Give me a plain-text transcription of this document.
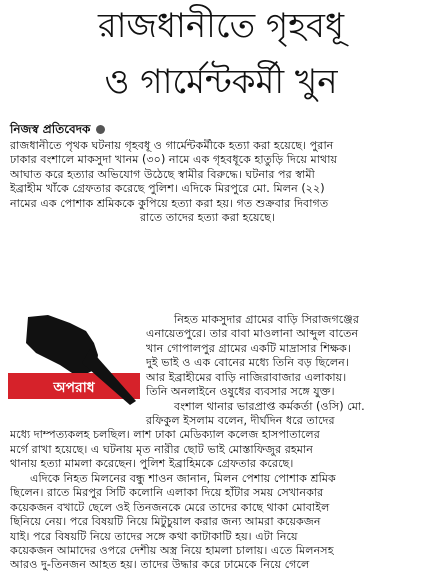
রাজধানীতে গৃহবধূ
ও গার্মেন্টকর্মী খুন
নিজস্ব প্রতিবেদক
রাজধানীতে পৃথক ঘটনায় গৃহবধূ ও গার্মেন্টকর্মীকে হত্যা করা হয়েছে। পুরান
ঢাকার বংশালে মাকসুদা খানম (৩০) নামে এক গৃহবধূকে হাতুড়ি দিয়ে মাথায়
আঘাত করে হত্যার অভিযোগ উঠেছে স্বামীর বিরুদ্ধে। ঘটনার পর স্বামী
ইব্রাহীম খাঁকে গ্রেফতার করেছে পুলিশ। এদিকে মিরপুরে মো. মিলন (২২)
নামের এক পোশাক শ্রমিককে কুপিয়ে হত্যা করা হয়। গত শুক্রবার দিবাগত
রাতে তাদের হত্যা করা হয়েছে।
অপরাধ
নিহত মাকসুদার গ্রামের বাড়ি সিরাজগঞ্জের
এনায়েতপুরে। তার বাবা মাওলানা আব্দুল বাতেন
খান গোপালপুর গ্রামের একটি মাদ্রাসার শিক্ষক।
দুই ভাই ও এক বোনের মধ্যে তিনি বড় ছিলেন।
আর ইব্রাহীমের বাড়ি নাজিরাবাজার এলাকায়।
তিনি অনলাইনে ওষুধের ব্যবসার সঙ্গে যুক্ত।
বংশাল থানার ভারপ্রাপ্ত কর্মকর্তা (ওসি) মো.
রফিকুল ইসলাম বলেন, দীর্ঘদিন ধরে তাদের
মধ্যে দাম্পত্যকলহ চলছিল। লাশ ঢাকা মেডিক্যাল কলেজ হাসপাতালের
মর্গে রাখা হয়েছে। এ ঘটনায় মৃত নারীর ছোট ভাই মোস্তাফিজুর রহমান
থানায় হত্যা মামলা করেছেন। পুলিশ ইব্রাহিমকে গ্রেফতার করেছে।
এদিকে নিহত মিলনের বন্ধু শাওন জানান, মিলন পেশায় পোশাক শ্রমিক
ছিলেন। রাতে মিরপুর সিটি কলোনি এলাকা দিয়ে হাঁটার সময় সেখানকার
কয়েকজন বখাটে ছেলে ওই তিনজনকে মেরে তাদের কাছে থাকা মোবাইল
ছিনিয়ে নেয়। পরে বিষয়টি নিয়ে মিটুচুয়াল করার জন্য আমরা কয়েকজন
যাই। পরে বিষয়টি নিয়ে তাদের সঙ্গে কথা কাটাকাটি হয়। এটা নিয়ে
কয়েকজন আমাদের ওপরে দেশীয় অস্ত্র নিয়ে হামলা চালায়। এতে মিলনসহ
আরও দু-তিনজন আহত হয়। তাদের উদ্ধার করে ঢামেকে নিয়ে গেলে
